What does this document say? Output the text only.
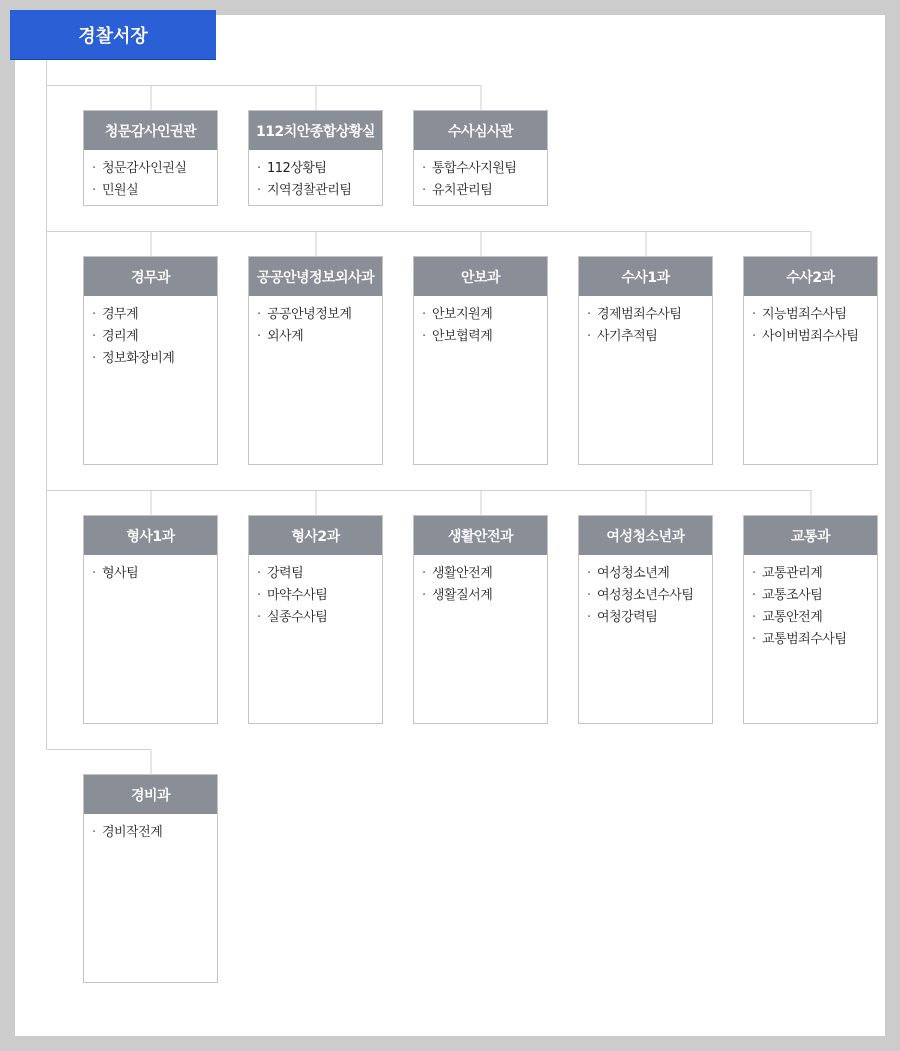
경찰서장
청문감사인권관
· 청문감사인권실
· 민원실
112치안종합상황실
· 112상황팀
· 지역경찰관리팀
수사심사관
· 통합수사지원팀
· 유치관리팀
경무과
· 경무계
· 경리계
· 정보화장비계
공공안녕정보외사과
· 공공안녕정보계
· 외사계
안보과
· 안보지원계
· 안보협력계
수사1과
· 경제범죄수사팀
· 사기추적팀
수사2과
· 지능범죄수사팀
· 사이버범죄수사팀
형사1과
· 형사팀
형사2과
· 강력팀
· 마약수사팀
· 실종수사팀
생활안전과
· 생활안전계
· 생활질서계
여성청소년과
· 여성청소년계
· 여성청소년수사팀
· 여청강력팀
교통과
· 교통관리계
· 교통조사팀
· 교통안전계
· 교통범죄수사팀
경비과
· 경비작전계
